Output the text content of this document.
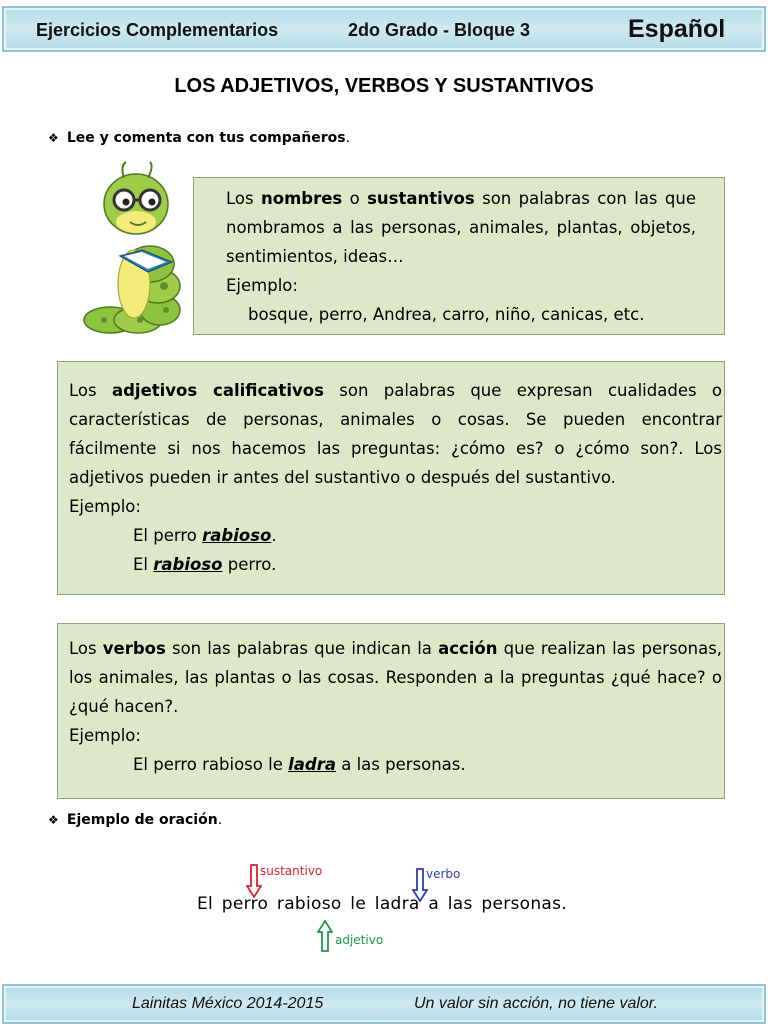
Ejercicios Complementarios	2do Grado - Bloque 3	Español
LOS ADJETIVOS, VERBOS Y SUSTANTIVOS
❖ Lee y comenta con tus compañeros.

Los nombres o sustantivos son palabras con las que nombramos a las personas, animales, plantas, objetos, sentimientos, ideas…

Ejemplo:

bosque, perro, Andrea, carro, niño, canicas, etc.

Los adjetivos calificativos son palabras que expresan cualidades o características de personas, animales o cosas. Se pueden encontrar fácilmente si nos hacemos las preguntas: ¿cómo es? o ¿cómo son?. Los adjetivos pueden ir antes del sustantivo o después del sustantivo.

Ejemplo:

El perro rabioso.

El rabioso perro.

Los verbos son las palabras que indican la acción que realizan las personas, los animales, las plantas o las cosas. Responden a la preguntas ¿qué hace? o ¿qué hacen?.

Ejemplo:

El perro rabioso le ladra a las personas.

❖ Ejemplo de oración.
sustantivo	verbo
El perro rabioso le ladra a las personas.
adjetivo
Lainitas México 2014-2015	Un valor sin acción, no tiene valor.
